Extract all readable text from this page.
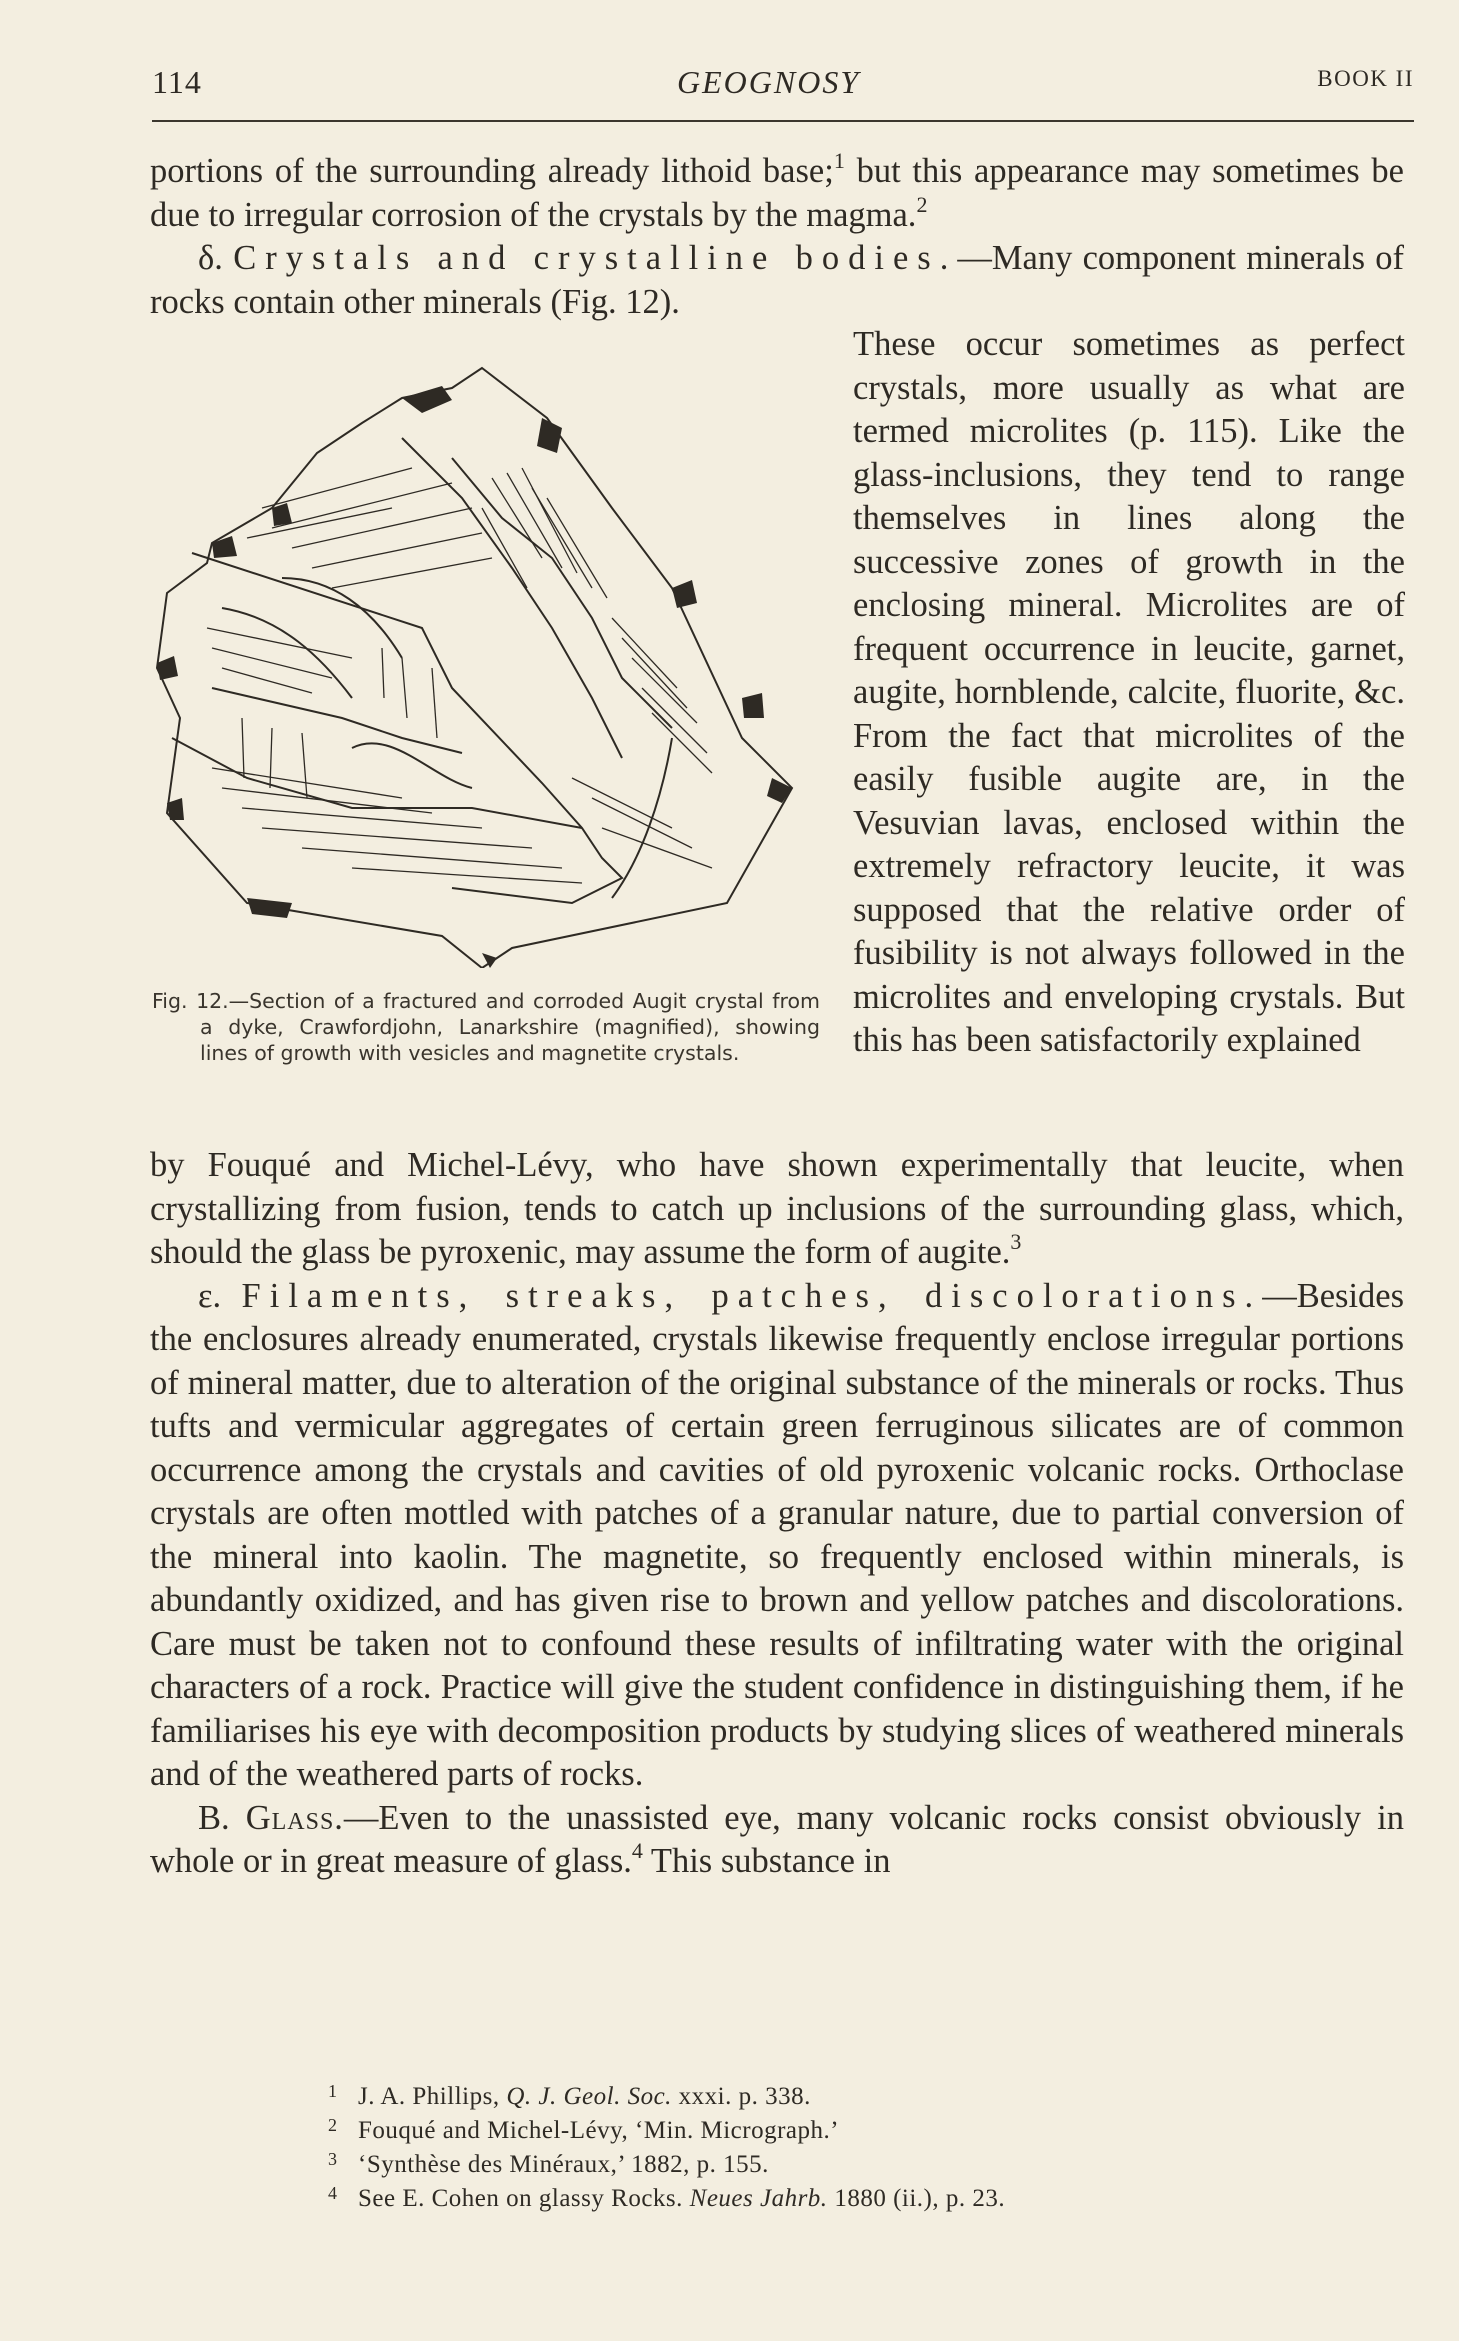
114	GEOGNOSY	BOOK II

portions of the surrounding already lithoid base;$^1$ but this appearance may sometimes be due to irregular corrosion of the crystals by the magma.$^2$

δ. Crystals and crystalline bodies.—Many component minerals of rocks contain other minerals (Fig. 12).

These occur sometimes as perfect crystals, more usually as what are termed microlites (p. 115). Like the glass-inclusions, they tend to range themselves in lines along the successive zones of growth in the enclosing mineral. Microlites are of frequent occurrence in leucite, garnet, augite, hornblende, calcite, fluorite, &c. From the fact that microlites of the easily fusible augite are, in the Vesuvian lavas, enclosed within the extremely refractory leucite, it was supposed that the relative order of fusibility is not always followed in the microlites and enveloping crystals. But this has been satisfactorily explained

Fig. 12.—Section of a fractured and corroded Augit crystal from a dyke, Crawfordjohn, Lanarkshire (magnified), showing lines of growth with vesicles and magnetite crystals.

by Fouqué and Michel-Lévy, who have shown experimentally that leucite, when crystallizing from fusion, tends to catch up inclusions of the surrounding glass, which, should the glass be pyroxenic, may assume the form of augite.$^3$

ε. Filaments, streaks, patches, discolorations.—Besides the enclosures already enumerated, crystals likewise frequently enclose irregular portions of mineral matter, due to alteration of the original substance of the minerals or rocks. Thus tufts and vermicular aggregates of certain green ferruginous silicates are of common occurrence among the crystals and cavities of old pyroxenic volcanic rocks. Orthoclase crystals are often mottled with patches of a granular nature, due to partial conversion of the mineral into kaolin. The magnetite, so frequently enclosed within minerals, is abundantly oxidized, and has given rise to brown and yellow patches and discolorations. Care must be taken not to confound these results of infiltrating water with the original characters of a rock. Practice will give the student confidence in distinguishing them, if he familiarises his eye with decomposition products by studying slices of weathered minerals and of the weathered parts of rocks.

B. Glass.—Even to the unassisted eye, many volcanic rocks consist obviously in whole or in great measure of glass.$^4$ This substance in

1 J. A. Phillips, Q. J. Geol. Soc. xxxi. p. 338.
2 Fouqué and Michel-Lévy, ‘Min. Micrograph.’
3 ‘Synthèse des Minéraux,’ 1882, p. 155.
4 See E. Cohen on glassy Rocks. Neues Jahrb. 1880 (ii.), p. 23.
